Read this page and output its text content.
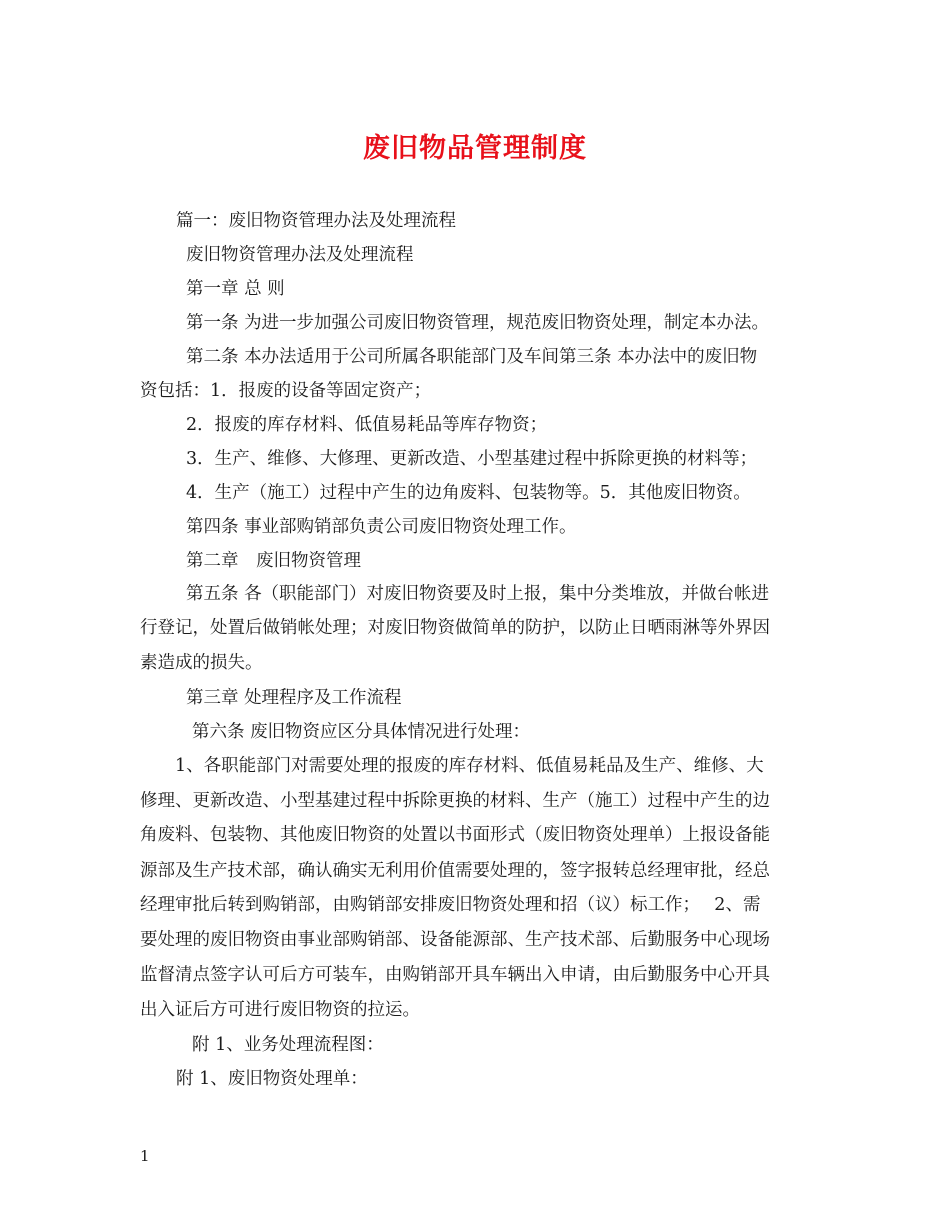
废旧物品管理制度
篇一：废旧物资管理办法及处理流程
废旧物资管理办法及处理流程
第一章 总 则
第一条 为进一步加强公司废旧物资管理，规范废旧物资处理，制定本办法。
第二条 本办法适用于公司所属各职能部门及车间第三条 本办法中的废旧物
资包括：1．报废的设备等固定资产；
2．报废的库存材料、低值易耗品等库存物资；
3．生产、维修、大修理、更新改造、小型基建过程中拆除更换的材料等；
4．生产（施工）过程中产生的边角废料、包装物等。5．其他废旧物资。
第四条 事业部购销部负责公司废旧物资处理工作。
第二章　废旧物资管理
第五条 各（职能部门）对废旧物资要及时上报，集中分类堆放，并做台帐进
行登记，处置后做销帐处理；对废旧物资做简单的防护，以防止日晒雨淋等外界因
素造成的损失。
第三章 处理程序及工作流程
第六条 废旧物资应区分具体情况进行处理：
1、各职能部门对需要处理的报废的库存材料、低值易耗品及生产、维修、大
修理、更新改造、小型基建过程中拆除更换的材料、生产（施工）过程中产生的边
角废料、包装物、其他废旧物资的处置以书面形式（废旧物资处理单）上报设备能
源部及生产技术部，确认确实无利用价值需要处理的，签字报转总经理审批，经总
经理审批后转到购销部，由购销部安排废旧物资处理和招（议）标工作；　 2、需
要处理的废旧物资由事业部购销部、设备能源部、生产技术部、后勤服务中心现场
监督清点签字认可后方可装车，由购销部开具车辆出入申请，由后勤服务中心开具
出入证后方可进行废旧物资的拉运。
附 1、业务处理流程图：
附 1、废旧物资处理单：
1
